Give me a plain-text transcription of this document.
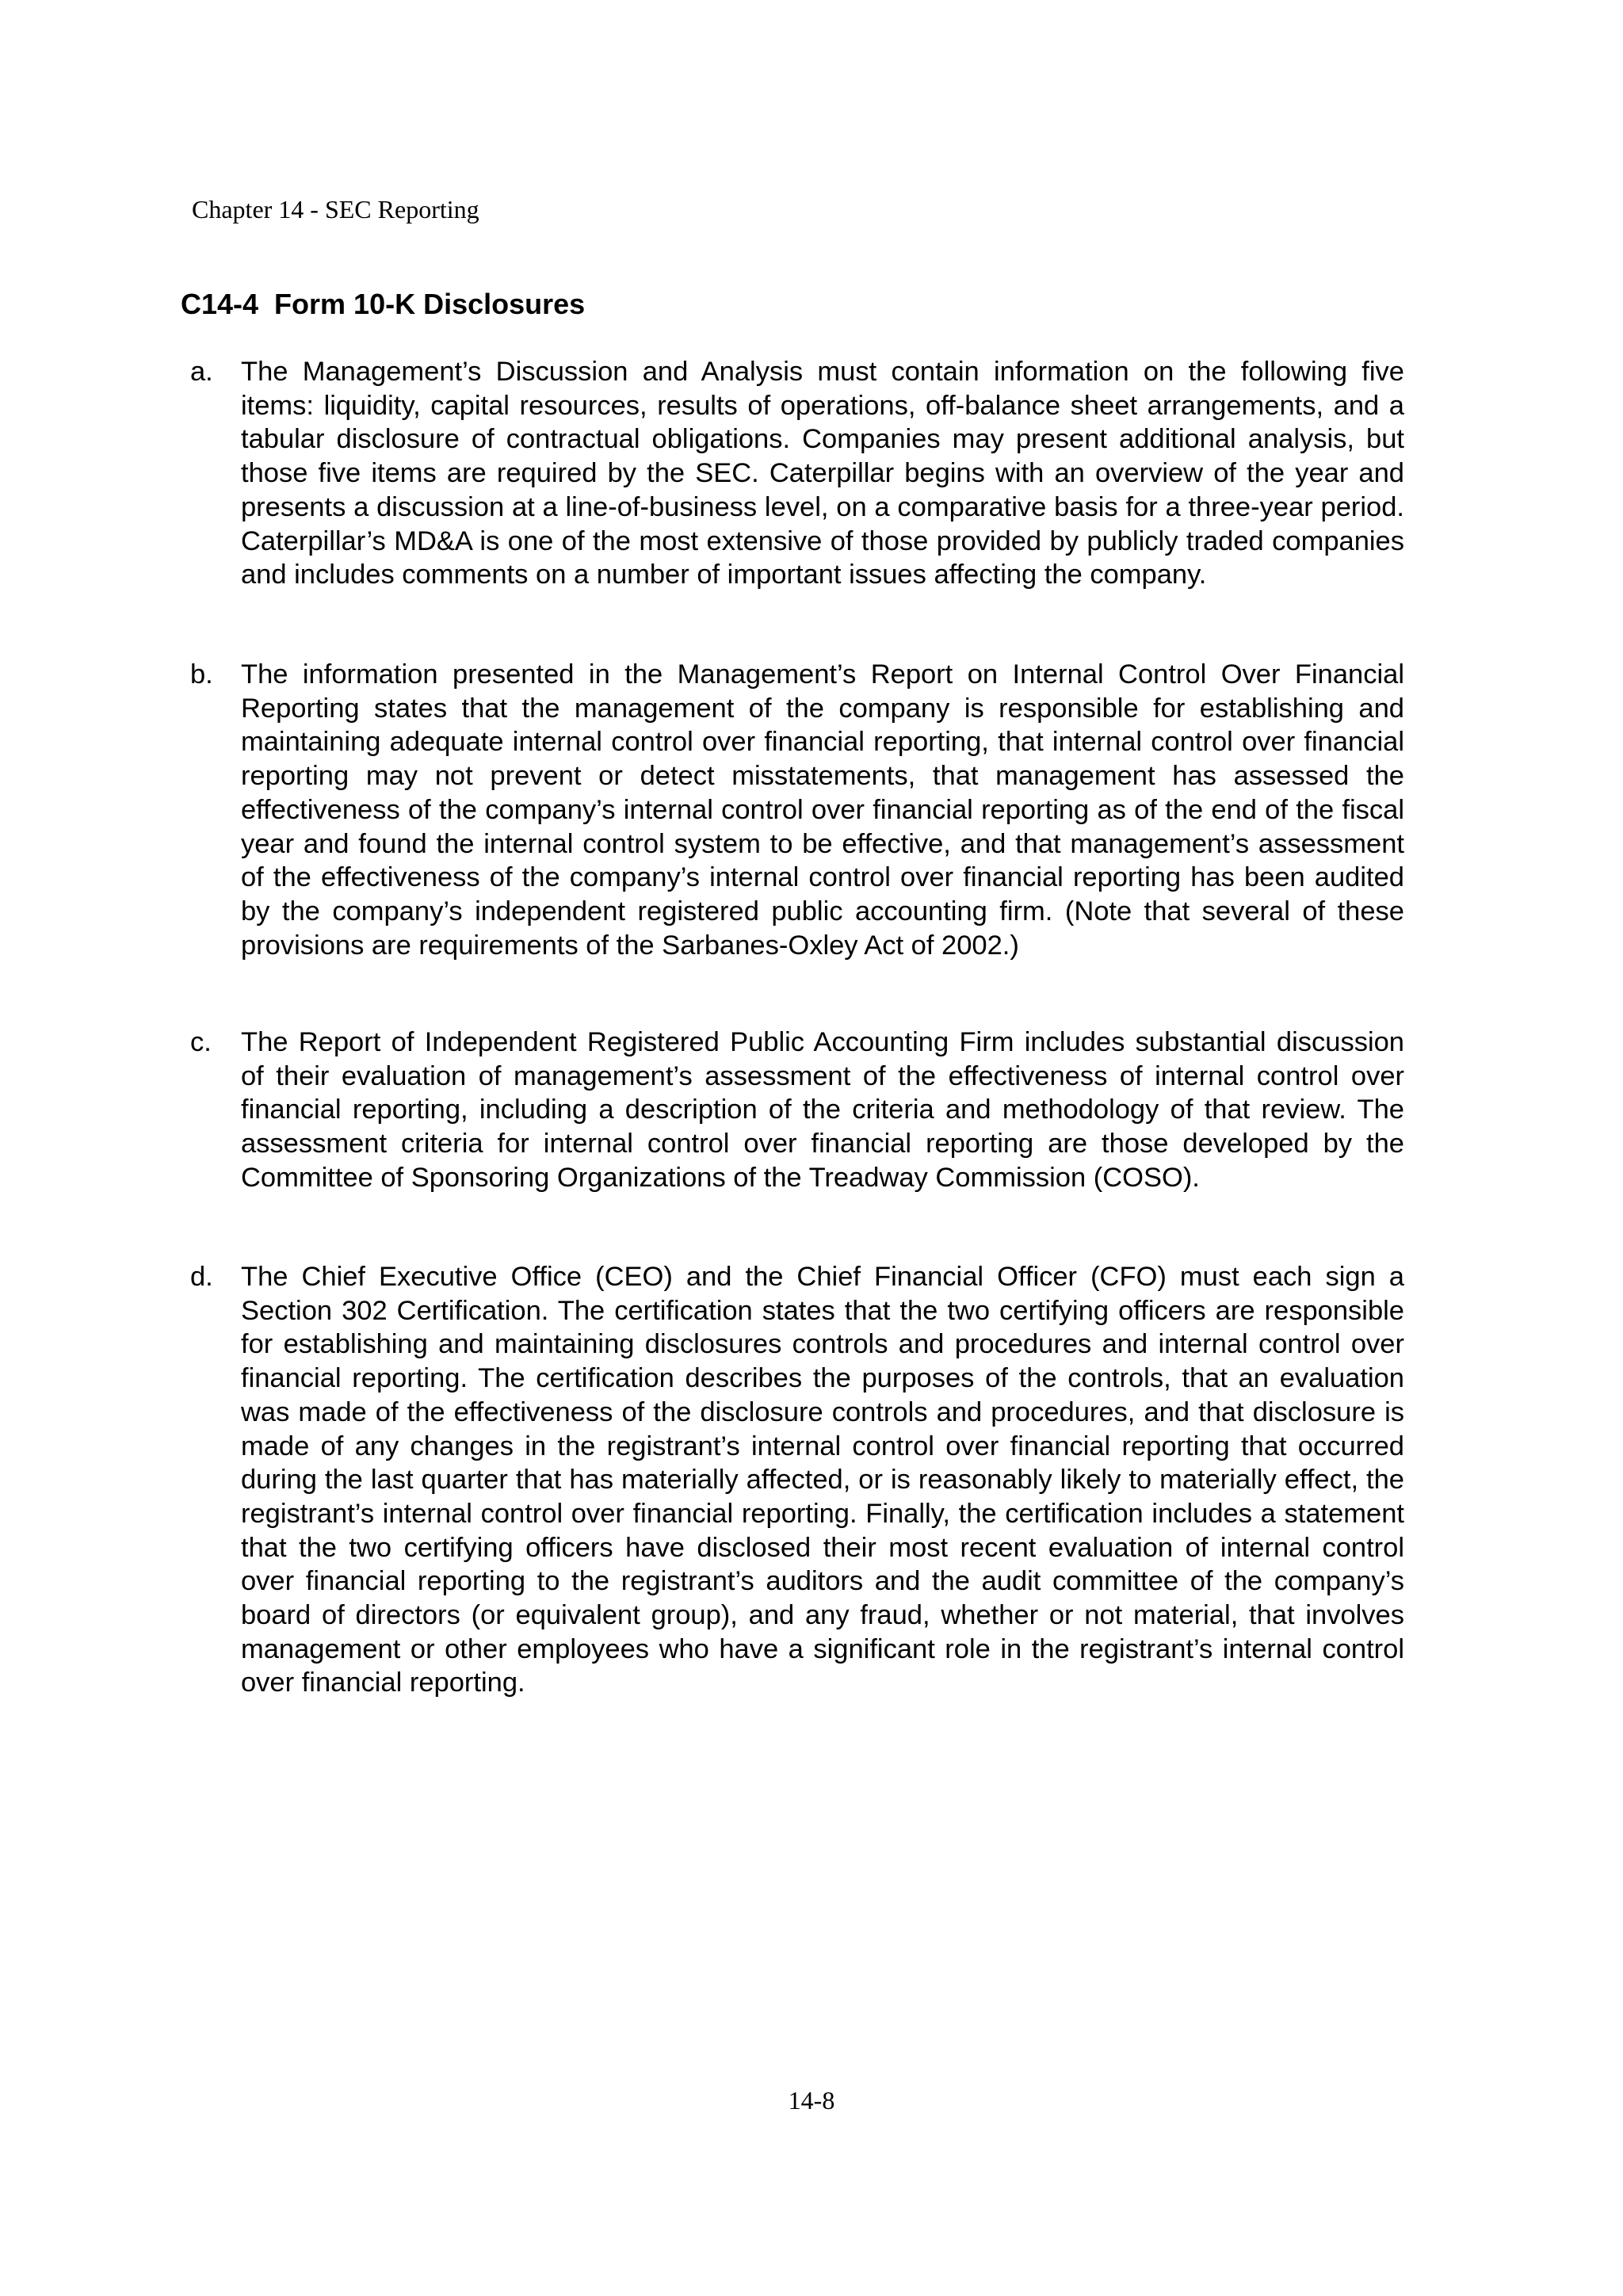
Chapter 14 - SEC Reporting
C14-4  Form 10-K Disclosures
a.	The Management’s Discussion and Analysis must contain information on the following five items: liquidity, capital resources, results of operations, off-balance sheet arrangements, and a tabular disclosure of contractual obligations. Companies may present additional analysis, but those five items are required by the SEC. Caterpillar begins with an overview of the year and presents a discussion at a line-of-business level, on a comparative basis for a three-year period. Caterpillar’s MD&A is one of the most extensive of those provided by publicly traded companies and includes comments on a number of important issues affecting the company.
b.	The information presented in the Management’s Report on Internal Control Over Financial Reporting states that the management of the company is responsible for establishing and maintaining adequate internal control over financial reporting, that internal control over financial reporting may not prevent or detect misstatements, that management has assessed the effectiveness of the company’s internal control over financial reporting as of the end of the fiscal year and found the internal control system to be effective, and that management’s assessment of the effectiveness of the company’s internal control over financial reporting has been audited by the company’s independent registered public accounting firm. (Note that several of these provisions are requirements of the Sarbanes-Oxley Act of 2002.)
c.	The Report of Independent Registered Public Accounting Firm includes substantial discussion of their evaluation of management’s assessment of the effectiveness of internal control over financial reporting, including a description of the criteria and methodology of that review. The assessment criteria for internal control over financial reporting are those developed by the Committee of Sponsoring Organizations of the Treadway Commission (COSO).
d.	The Chief Executive Office (CEO) and the Chief Financial Officer (CFO) must each sign a Section 302 Certification. The certification states that the two certifying officers are responsible for establishing and maintaining disclosures controls and procedures and internal control over financial reporting. The certification describes the purposes of the controls, that an evaluation was made of the effectiveness of the disclosure controls and procedures, and that disclosure is made of any changes in the registrant’s internal control over financial reporting that occurred during the last quarter that has materially affected, or is reasonably likely to materially effect, the registrant’s internal control over financial reporting. Finally, the certification includes a statement that the two certifying officers have disclosed their most recent evaluation of internal control over financial reporting to the registrant’s auditors and the audit committee of the company’s board of directors (or equivalent group), and any fraud, whether or not material, that involves management or other employees who have a significant role in the registrant’s internal control over financial reporting.
14-8
